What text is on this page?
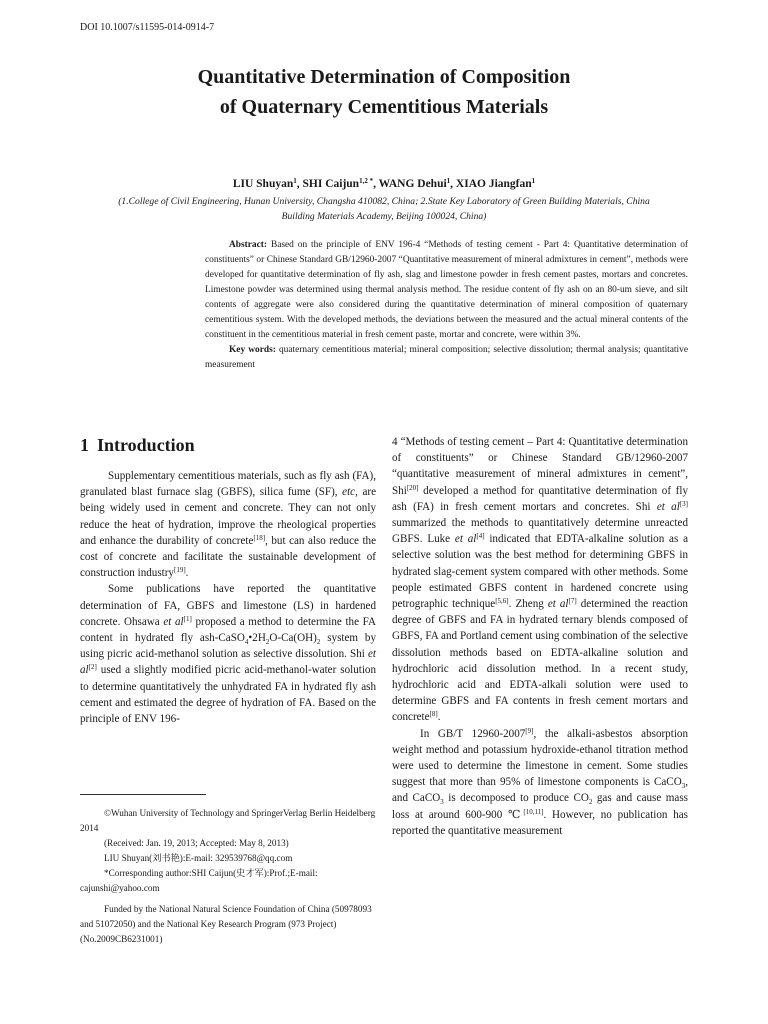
DOI 10.1007/s11595-014-0914-7
Quantitative Determination of Composition
of Quaternary Cementitious Materials
LIU Shuyan$^1$, SHI Caijun$^{1,2 *}$, WANG Dehui$^1$, XIAO Jiangfan$^1$
(1.College of Civil Engineering, Hunan University, Changsha 410082, China; 2.State Key Laboratory of Green Building Materials, China
Building Materials Academy, Beijing 100024, China)

Abstract: Based on the principle of ENV 196-4 “Methods of testing cement - Part 4: Quantitative determination of constituents” or Chinese Standard GB/12960-2007 “Quantitative measurement of mineral admixtures in cement”, methods were developed for quantitative determination of fly ash, slag and limestone powder in fresh cement pastes, mortars and concretes. Limestone powder was determined using thermal analysis method. The residue content of fly ash on an 80-um sieve, and silt contents of aggregate were also considered during the quantitative determination of mineral composition of quaternary cementitious system. With the developed methods, the deviations between the measured and the actual mineral contents of the constituent in the cementitious material in fresh cement paste, mortar and concrete, were within 3%.

Key words: quaternary cementitious material; mineral composition; selective dissolution; thermal analysis; quantitative measurement

1 Introduction

Supplementary cementitious materials, such as fly ash (FA), granulated blast furnace slag (GBFS), silica fume (SF), etc, are being widely used in cement and concrete. They can not only reduce the heat of hydration, improve the rheological properties and enhance the durability of concrete[18], but can also reduce the cost of concrete and facilitate the sustainable development of construction industry[19].

Some publications have reported the quantitative determination of FA, GBFS and limestone (LS) in hardened concrete. Ohsawa et al[1] proposed a method to determine the FA content in hydrated fly ash-$CaSO_4•2H_2O-Ca(OH)_2$ system by using picric acid-methanol solution as selective dissolution. Shi et al[2] used a slightly modified picric acid-methanol-water solution to determine quantitatively the unhydrated FA in hydrated fly ash cement and estimated the degree of hydration of FA. Based on the principle of ENV 196-

4 “Methods of testing cement – Part 4: Quantitative determination of constituents” or Chinese Standard GB/12960-2007 “quantitative measurement of mineral admixtures in cement”, Shi[20] developed a method for quantitative determination of fly ash (FA) in fresh cement mortars and concretes. Shi et al[3] summarized the methods to quantitatively determine unreacted GBFS. Luke et al[4] indicated that EDTA-alkaline solution as a selective solution was the best method for determining GBFS in hydrated slag-cement system compared with other methods. Some people estimated GBFS content in hardened concrete using petrographic technique[5,6]. Zheng et al[7] determined the reaction degree of GBFS and FA in hydrated ternary blends composed of GBFS, FA and Portland cement using combination of the selective dissolution methods based on EDTA-alkaline solution and hydrochloric acid dissolution method. In a recent study, hydrochloric acid and EDTA-alkali solution were used to determine GBFS and FA contents in fresh cement mortars and concrete[8].

In GB/T 12960-2007[9], the alkali-asbestos absorption weight method and potassium hydroxide-ethanol titration method were used to determine the limestone in cement. Some studies suggest that more than 95% of limestone components is CaCO$_3$, and CaCO$_3$ is decomposed to produce $CO_2$ gas and cause mass loss at around 600-900 ℃[10,11]. However, no publication has reported the quantitative measurement

©Wuhan University of Technology and SpringerVerlag Berlin Heidelberg 2014

(Received: Jan. 19, 2013; Accepted: May 8, 2013)

LIU Shuyan(刘书艳):E-mail: 329539768@qq.com

*Corresponding author:SHI Caijun(史才军):Prof.;E-mail: cajunshi@yahoo.com

Funded by the National Natural Science Foundation of China (50978093 and 51072050) and the National Key Research Program (973 Project) (No.2009CB6231001)
